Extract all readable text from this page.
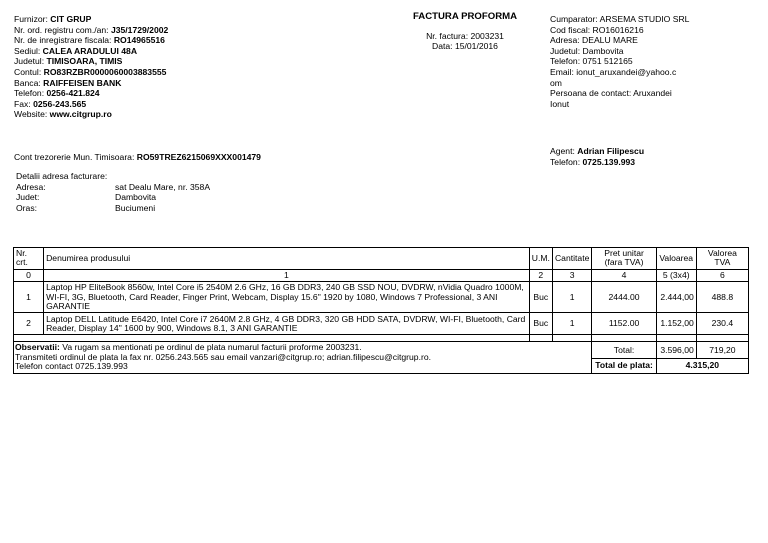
Furnizor: CIT GRUP
Nr. ord. registru com./an: J35/1729/2002
Nr. de inregistrare fiscala: RO14965516
Sediul: CALEA ARADULUI 48A
Judetul: TIMISOARA, TIMIS
Contul: RO83RZBR0000060003883555
Banca: RAIFFEISEN BANK
Telefon: 0256-421.824
Fax: 0256-243.565
Website: www.citgrup.ro
FACTURA PROFORMA
Nr. factura: 2003231
Data: 15/01/2016
Cumparator: ARSEMA STUDIO SRL
Cod fiscal: RO16016216
Adresa: DEALU MARE
Judetul: Dambovita
Telefon: 0751 512165
Email: ionut_aruxandei@yahoo.com
Persoana de contact: Aruxandei Ionut
Cont trezorerie Mun. Timisoara: RO59TREZ6215069XXX001479
Agent: Adrian Filipescu
Telefon: 0725.139.993
Detalii adresa facturare:
Adresa:	sat Dealu Mare, nr. 358A
Judet:	Dambovita
Oras:	Buciumeni
Nr. crt.	Denumirea produsului	U.M.	Cantitate	Pret unitar (fara TVA)	Valoarea	Valorea TVA
0	1	2	3	4	5 (3x4)	6
1	Laptop HP EliteBook 8560w, Intel Core i5 2540M 2.6 GHz, 16 GB DDR3, 240 GB SSD NOU, DVDRW, nVidia Quadro 1000M, WI-FI, 3G, Bluetooth, Card Reader, Finger Print, Webcam, Display 15.6" 1920 by 1080, Windows 7 Professional, 3 ANI GARANTIE	Buc	1	2444.00	2.444,00	488.8
2	Laptop DELL Latitude E6420, Intel Core i7 2640M 2.8 GHz, 4 GB DDR3, 320 GB HDD SATA, DVDRW, WI-FI, Bluetooth, Card Reader, Display 14" 1600 by 900, Windows 8.1, 3 ANI GARANTIE	Buc	1	1152.00	1.152,00	230.4

Observatii: Va rugam sa mentionati pe ordinul de plata numarul facturii proforme 2003231.
Transmiteti ordinul de plata la fax nr. 0256.243.565 sau email vanzari@citgrup.ro; adrian.filipescu@citgrup.ro.
Telefon contact 0725.139.993				Total:	3.596,00	719,20
				Total de plata:	4.315,20	
